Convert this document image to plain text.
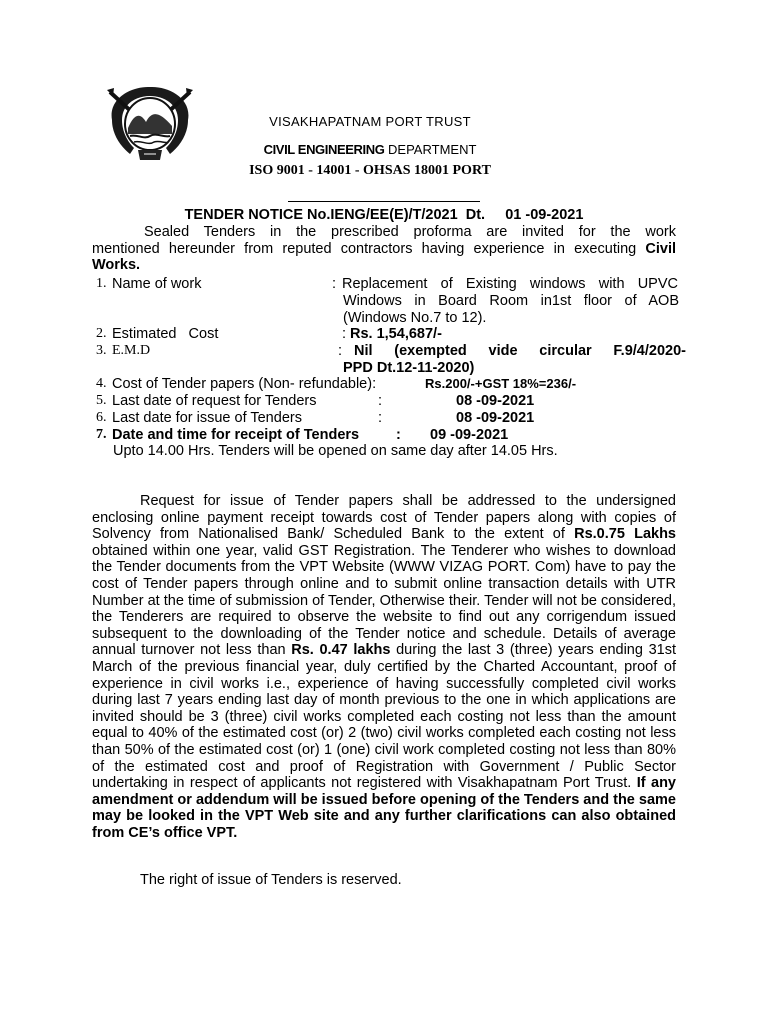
VISAKHAPATNAM PORT TRUST
CIVIL ENGINEERING DEPARTMENT
ISO 9001 - 14001 - OHSAS 18001 PORT
TENDER NOTICE No.IENG/EE(E)/T/2021  Dt.     01 -09-2021
Sealed Tenders in the prescribed proforma are invited for the work
mentioned hereunder from reputed contractors having experience in executing Civil Works.
1. Name of work	: Replacement of Existing windows with UPVC
Windows in Board Room in1st floor of AOB
(Windows No.7 to 12).
2. Estimated   Cost	: Rs. 1,54,687/-
3. E.M.D	: Nil  (exempted  vide  circular  F.9/4/2020-
PPD Dt.12-11-2020)
4. Cost of Tender papers (Non- refundable):	Rs.200/-+GST 18%=236/-
5. Last date of request for Tenders	:	08 -09-2021
6. Last date for issue of Tenders	:	08 -09-2021
7. Date and time for receipt of Tenders	: 09 -09-2021
Upto 14.00 Hrs. Tenders will be opened on same day after 14.05 Hrs.
Request for issue of Tender papers shall be addressed to the undersigned enclosing online payment receipt towards cost of Tender papers along with copies of Solvency from Nationalised Bank/ Scheduled Bank to the extent of Rs.0.75 Lakhs obtained within one year, valid GST Registration. The Tenderer who wishes to download the Tender documents from the VPT Website (WWW VIZAG PORT. Com) have to pay the cost of Tender papers through online and to submit online transaction details with UTR Number at the time of submission of Tender, Otherwise their. Tender will not be considered, the Tenderers are required to observe the website to find out any corrigendum issued subsequent to the downloading of the Tender notice and schedule. Details of average annual turnover not less than Rs. 0.47 lakhs during the last 3 (three) years ending 31st March of the previous financial year, duly certified by the Charted Accountant, proof of experience in civil works i.e., experience of having successfully completed civil works during last 7 years ending last day of month previous to the one in which applications are invited should be 3 (three) civil works completed each costing not less than the amount equal to 40% of the estimated cost (or) 2 (two) civil works completed each costing not less than 50% of the estimated cost (or) 1 (one) civil work completed costing not less than 80% of the estimated cost and proof of Registration with Government / Public Sector undertaking in respect of applicants not registered with Visakhapatnam Port Trust. If any amendment or addendum will be issued before opening of the Tenders and the same may be looked in the VPT Web site and any further clarifications can also obtained from CE’s office VPT.
The right of issue of Tenders is reserved.
